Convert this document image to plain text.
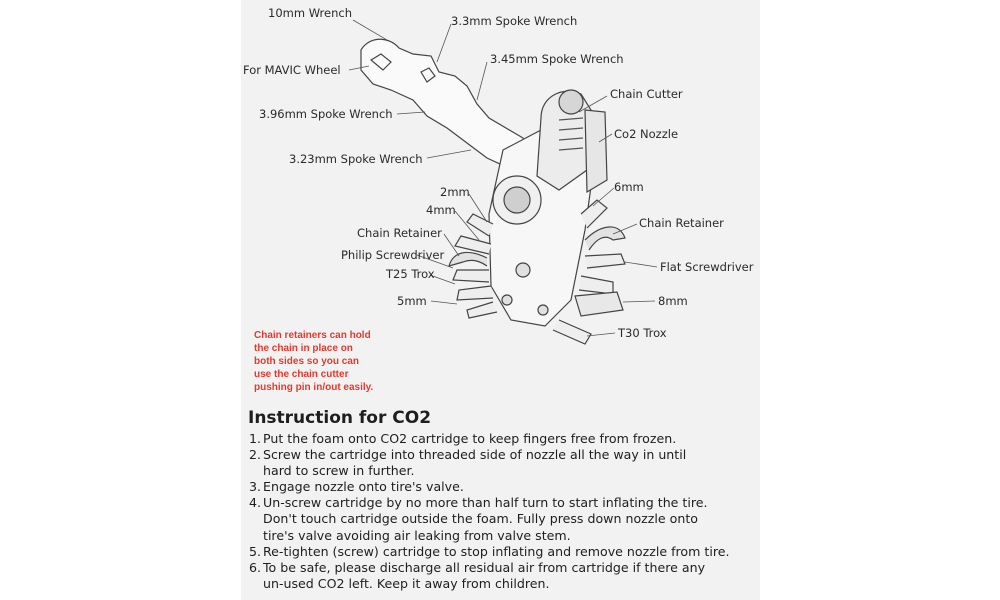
10mm Wrench
3.3mm Spoke Wrench
For MAVIC Wheel
3.45mm Spoke Wrench
3.96mm Spoke Wrench
Chain Cutter
Co2 Nozzle
3.23mm Spoke Wrench
2mm	6mm
4mm
Chain Retainer
Chain Retainer
Philip Screwdriver
Flat Screwdriver
T25 Trox
5mm	8mm
T30 Trox
Chain retainers can hold
the chain in place on
both sides so you can
use the chain cutter
pushing pin in/out easily.
Instruction for CO2
1. Put the foam onto CO2 cartridge to keep fingers free from frozen.
2. Screw the cartridge into threaded side of nozzle all the way in until
hard to screw in further.
3. Engage nozzle onto tire's valve.
4. Un-screw cartridge by no more than half turn to start inflating the tire.
Don't touch cartridge outside the foam. Fully press down nozzle onto
tire's valve avoiding air leaking from valve stem.
5. Re-tighten (screw) cartridge to stop inflating and remove nozzle from tire.
6. To be safe, please discharge all residual air from cartridge if there any
un-used CO2 left. Keep it away from children.
